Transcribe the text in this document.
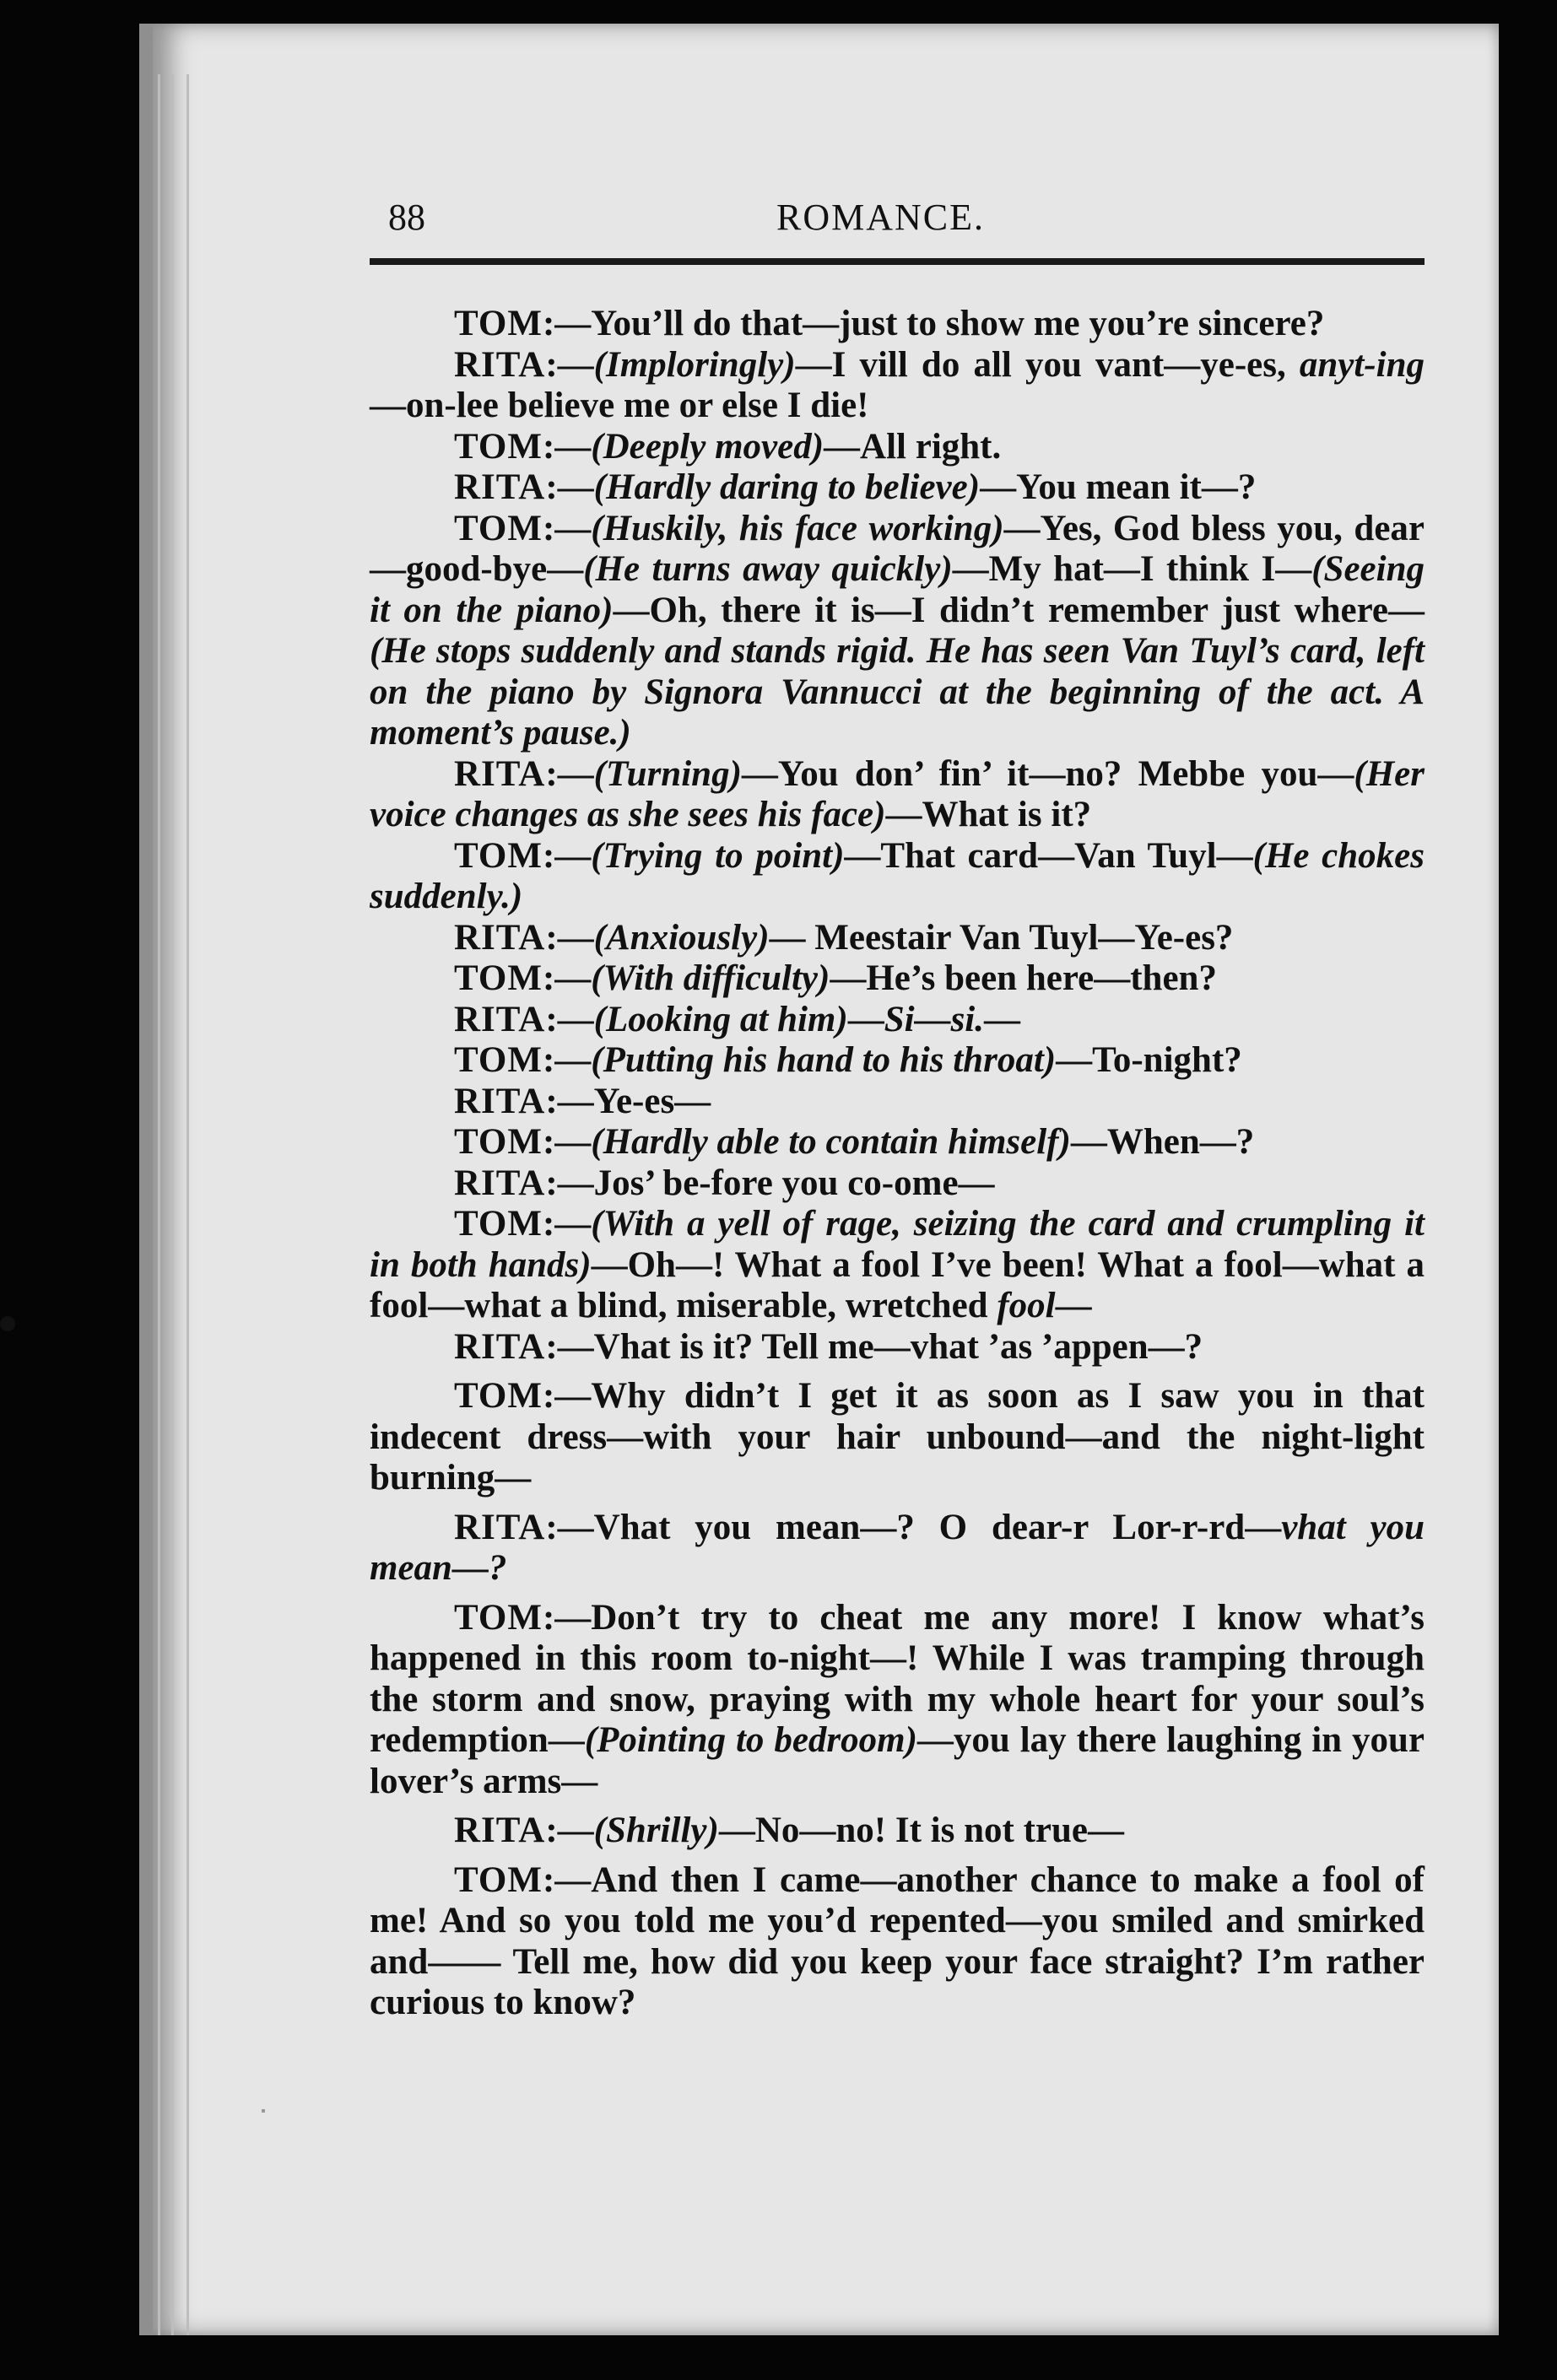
88	ROMANCE.

TOM:—You’ll do that—just to show me you’re sincere?

RITA:—(Imploringly)—I vill do all you vant—ye-es, anyt-ing—on-lee believe me or else I die!

TOM:—(Deeply moved)—All right.

RITA:—(Hardly daring to believe)—You mean it—?

TOM:—(Huskily, his face working)—Yes, God bless you, dear—good-bye—(He turns away quickly)—My hat—I think I—(Seeing it on the piano)—Oh, there it is—I didn’t remember just where—(He stops suddenly and stands rigid. He has seen Van Tuyl’s card, left on the piano by Signora Vannucci at the beginning of the act. A moment’s pause.)

RITA:—(Turning)—You don’ fin’ it—no? Mebbe you—(Her voice changes as she sees his face)—What is it?

TOM:—(Trying to point)—That card—Van Tuyl—(He chokes suddenly.)

RITA:—(Anxiously)— Meestair Van Tuyl—Ye-es?

TOM:—(With difficulty)—He’s been here—then?

RITA:—(Looking at him)—Si—si.—

TOM:—(Putting his hand to his throat)—To-night?

RITA:—Ye-es—

TOM:—(Hardly able to contain himself)—When—?

RITA:—Jos’ be-fore you co-ome—

TOM:—(With a yell of rage, seizing the card and crumpling it in both hands)—Oh—! What a fool I’ve been! What a fool—what a fool—what a blind, miserable, wretched fool—

RITA:—Vhat is it? Tell me—vhat ’as ’appen—?

TOM:—Why didn’t I get it as soon as I saw you in that indecent dress—with your hair unbound—and the night-light burning—

RITA:—Vhat you mean—? O dear-r Lor-r-rd—vhat you mean—?

TOM:—Don’t try to cheat me any more! I know what’s happened in this room to-night—! While I was tramping through the storm and snow, praying with my whole heart for your soul’s redemption—(Pointing to bedroom)—you lay there laughing in your lover’s arms—

RITA:—(Shrilly)—No—no! It is not true—

TOM:—And then I came—another chance to make a fool of me! And so you told me you’d repented—you smiled and smirked and—— Tell me, how did you keep your face straight? I’m rather curious to know?
